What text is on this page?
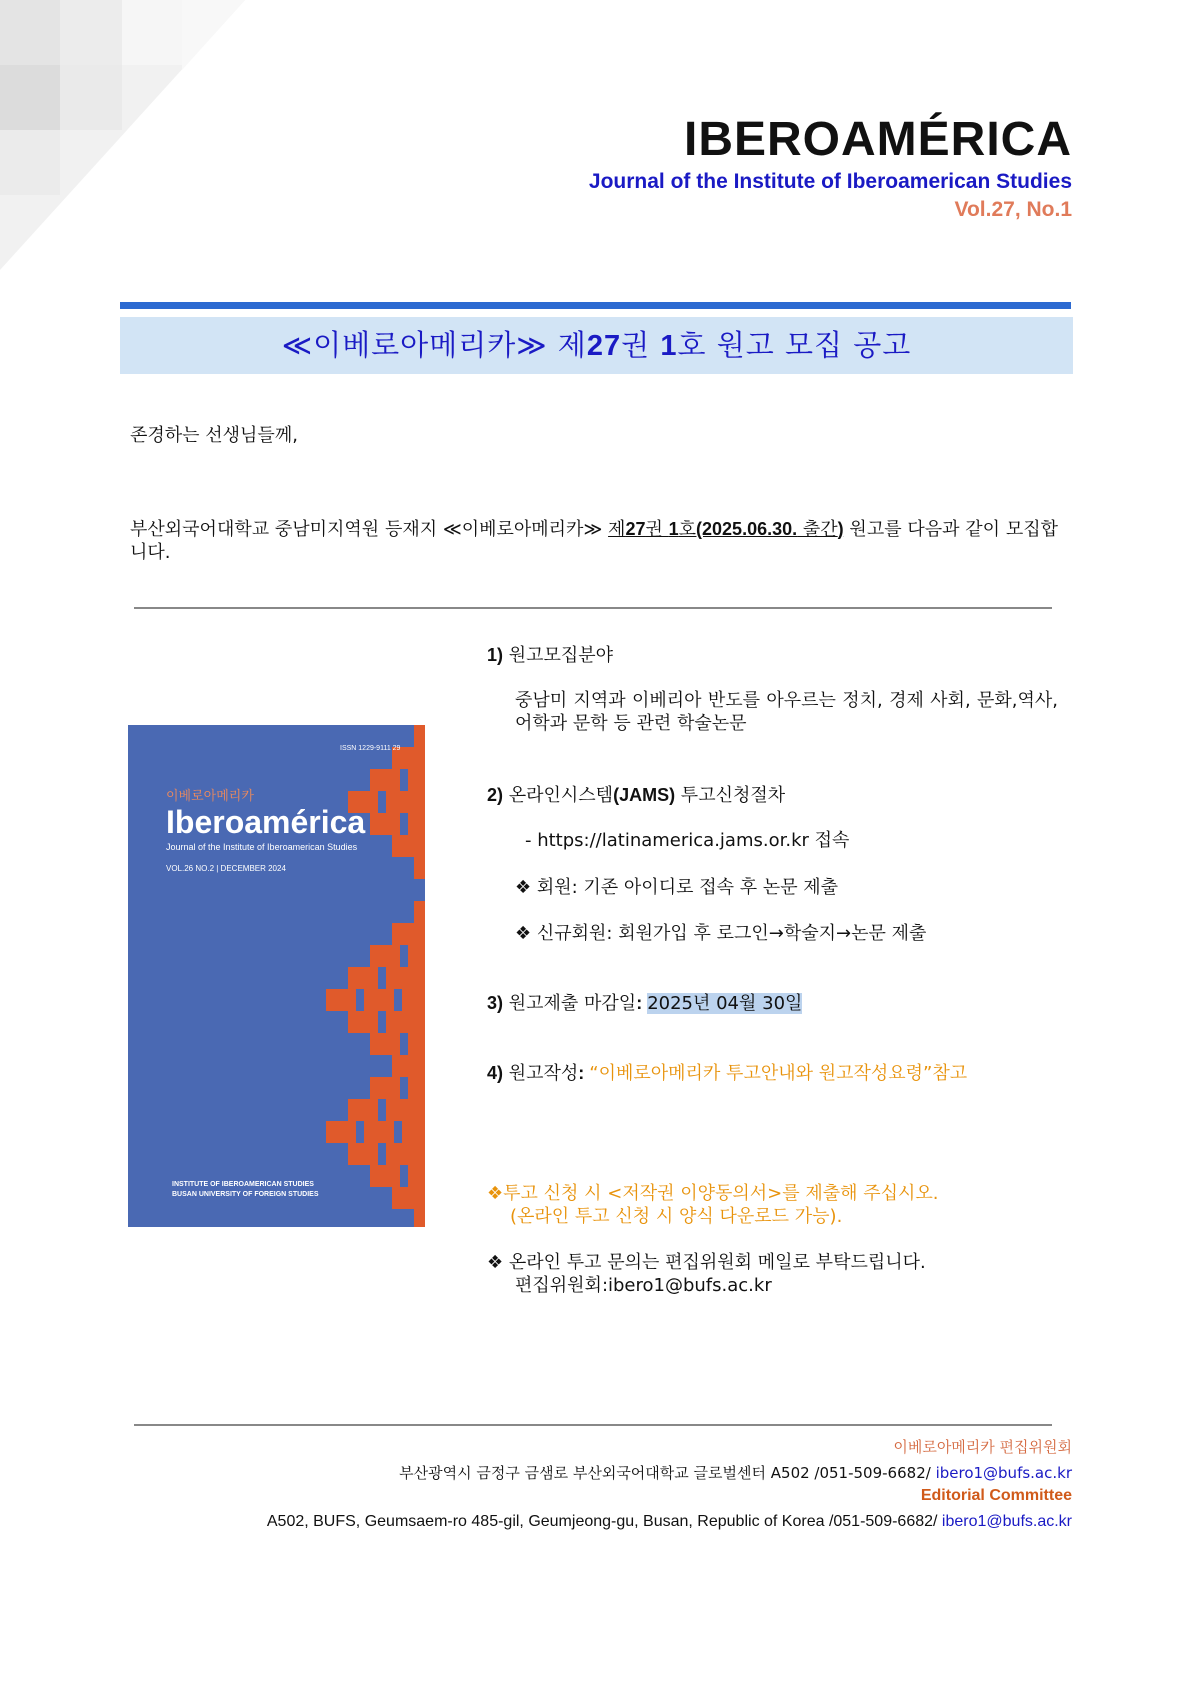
IBEROAMÉRICA
Journal of the Institute of Iberoamerican Studies
Vol.27, No.1
≪이베로아메리카≫ 제27권 1호 원고 모집 공고
존경하는 선생님들께,
부산외국어대학교 중남미지역원 등재지 ≪이베로아메리카≫ 제27권 1호(2025.06.30. 출간) 원고를 다음과 같이 모집합니다.
ISSN 1229-9111 29
이베로아메리카
Iberoamérica
Journal of the Institute of Iberoamerican Studies
VOL.26 NO.2 | DECEMBER 2024
INSTITUTE OF IBEROAMERICAN STUDIES
BUSAN UNIVERSITY OF FOREIGN STUDIES
1) 원고모집분야
중남미 지역과 이베리아 반도를 아우르는 정치, 경제 사회, 문화,역사, 어학과 문학 등 관련 학술논문
2) 온라인시스템(JAMS) 투고신청절차
- https://latinamerica.jams.or.kr 접속
❖ 회원: 기존 아이디로 접속 후 논문 제출
❖ 신규회원: 회원가입 후 로그인→학술지→논문 제출
3) 원고제출 마감일: 2025년 04월 30일
4) 원고작성: “이베로아메리카 투고안내와 원고작성요령”참고
❖투고 신청 시 <저작권 이양동의서>를 제출해 주십시오.
(온라인 투고 신청 시 양식 다운로드 가능).
❖ 온라인 투고 문의는 편집위원회 메일로 부탁드립니다.
편집위원회:ibero1@bufs.ac.kr
이베로아메리카 편집위원회
부산광역시 금정구 금샘로 부산외국어대학교 글로벌센터 A502 /051-509-6682/ ibero1@bufs.ac.kr
Editorial Committee
A502, BUFS, Geumsaem-ro 485-gil, Geumjeong-gu, Busan, Republic of Korea /051-509-6682/ ibero1@bufs.ac.kr
